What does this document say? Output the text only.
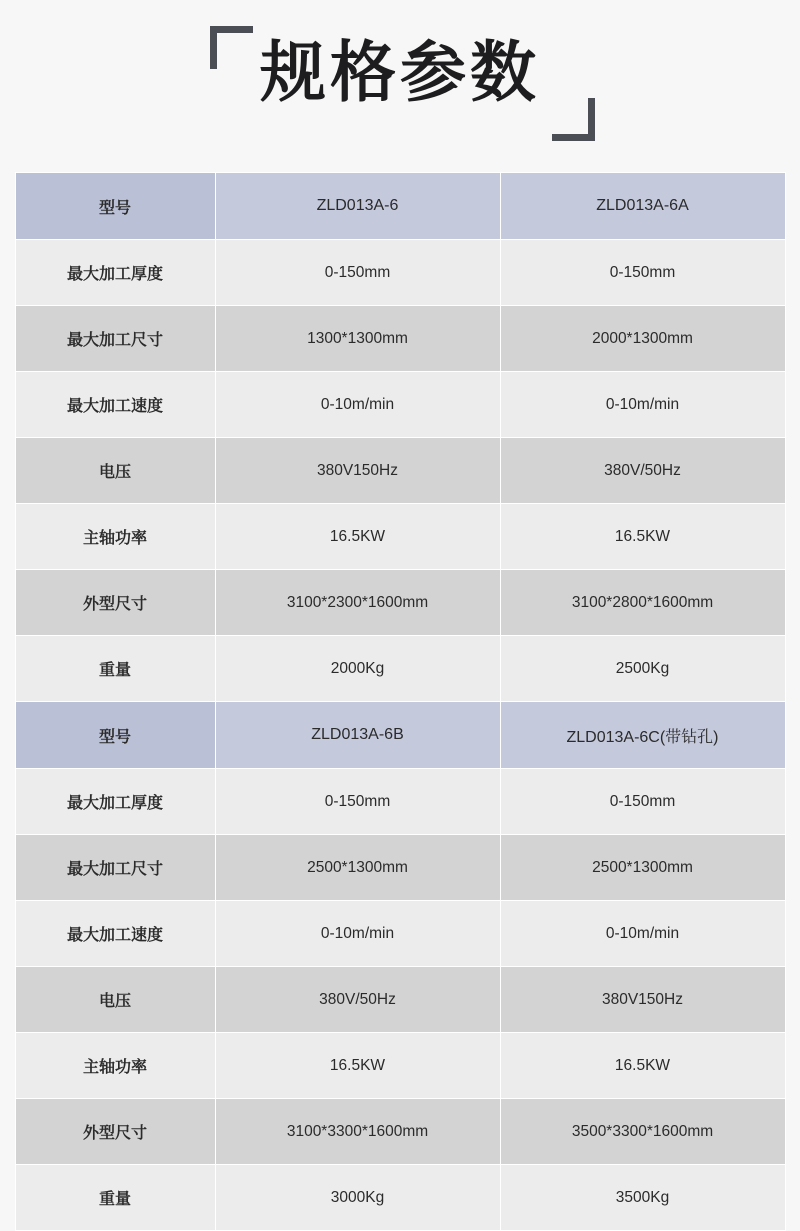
规格参数
型号	ZLD013A-6	ZLD013A-6A
最大加工厚度	0-150mm	0-150mm
最大加工尺寸	1300*1300mm	2000*1300mm
最大加工速度	0-10m/min	0-10m/min
电压	380V150Hz	380V/50Hz
主轴功率	16.5KW	16.5KW
外型尺寸	3100*2300*1600mm	3100*2800*1600mm
重量	2000Kg	2500Kg
型号	ZLD013A-6B	ZLD013A-6C(带钻孔)
最大加工厚度	0-150mm	0-150mm
最大加工尺寸	2500*1300mm	2500*1300mm
最大加工速度	0-10m/min	0-10m/min
电压	380V/50Hz	380V150Hz
主轴功率	16.5KW	16.5KW
外型尺寸	3100*3300*1600mm	3500*3300*1600mm
重量	3000Kg	3500Kg
